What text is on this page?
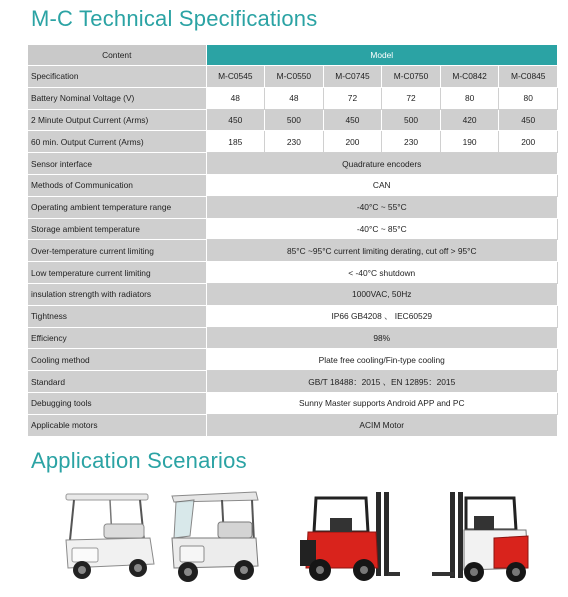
M-C Technical Specifications
Content	Model					
Specification	M-C0545	M-C0550	M-C0745	M-C0750	M-C0842	M-C0845
Battery Nominal Voltage (V)	48	48	72	72	80	80
2 Minute Output Current (Arms)	450	500	450	500	420	450
60 min. Output Current (Arms)	185	230	200	230	190	200
Sensor interface	Quadrature encoders					
Methods of Communication	CAN					
Operating ambient temperature range	-40°C ~ 55°C					
Storage ambient temperature	-40°C ~ 85°C					
Over-temperature current limiting	85°C ~95°C current limiting derating, cut off > 95°C					
Low temperature current limiting	< -40°C shutdown					
insulation strength with radiators	1000VAC, 50Hz					
Tightness	IP66 GB4208 、 IEC60529					
Efficiency	98%					
Cooling method	Plate free cooling/Fin-type cooling					
Standard	GB/T 18488：2015 、EN 12895：2015					
Debugging tools	Sunny Master supports Android APP and PC					
Applicable motors	ACIM Motor					
Application Scenarios
